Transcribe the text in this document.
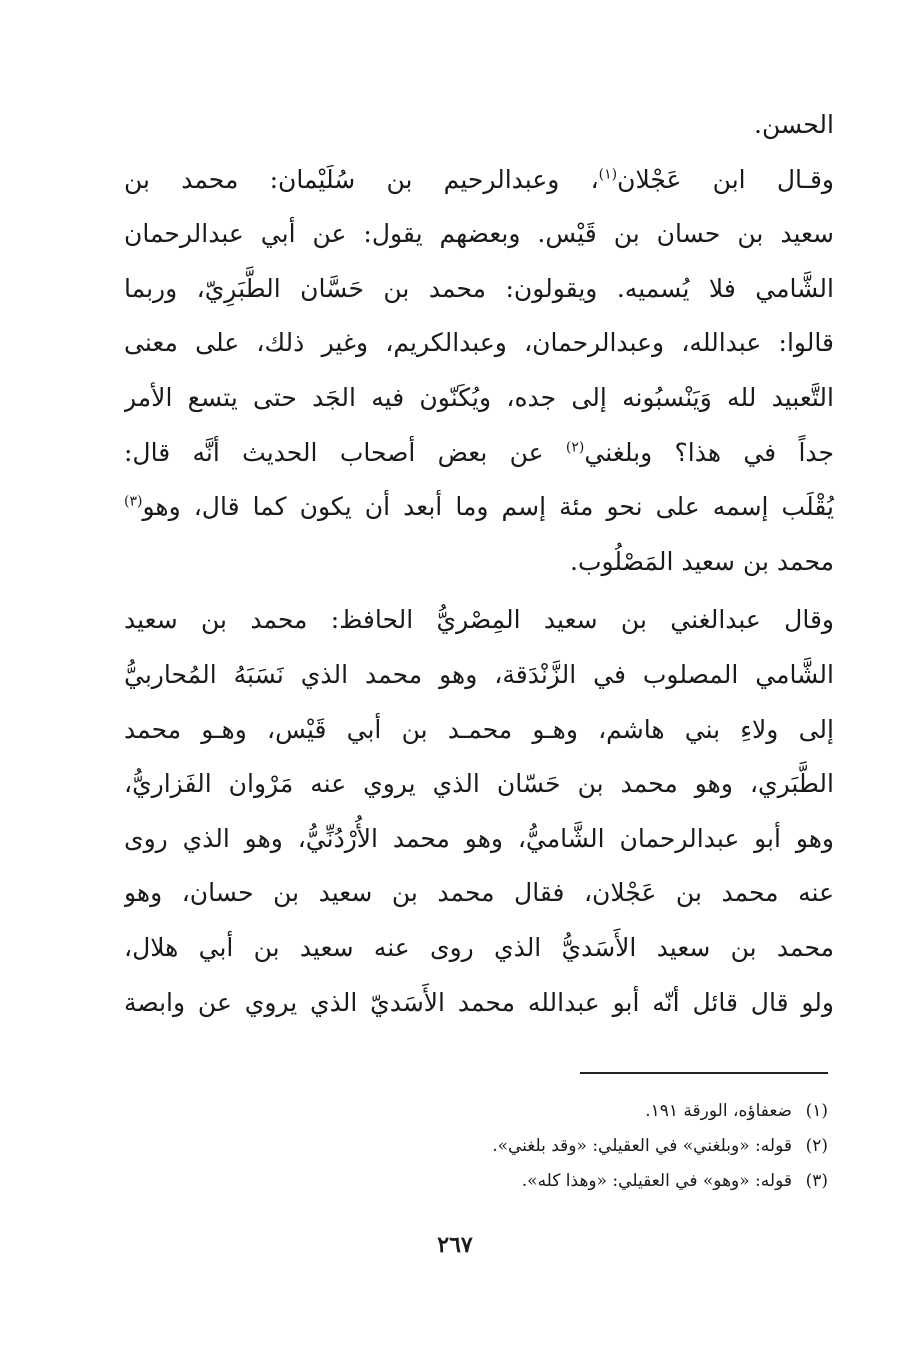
الحسن.
وقـال ابن عَجْلان$^{(١)}$، وعبدالرحيم بن سُلَيْمان: محمد بن
سعيد بن حسان بن قَيْس. وبعضهم يقول: عن أبي عبدالرحمان
الشَّامي فلا يُسميه. ويقولون: محمد بن حَسَّان الطَّبَرِيّ، وربما
قالوا: عبدالله، وعبدالرحمان، وعبدالكريم، وغير ذلك، على معنى
التَّعبيد لله وَيَنْسبُونه إلى جده، ويُكَنّون فيه الجَد حتى يتسع الأمر
جداً في هذا؟ وبلغني$^{(٢)}$ عن بعض أصحاب الحديث أنَّه قال:
يُقْلَب إسمه على نحو مئة إسم وما أبعد أن يكون كما قال، وهو$^{(٣)}$
محمد بن سعيد المَصْلُوب.
وقال عبدالغني بن سعيد المِصْريُّ الحافظ: محمد بن سعيد
الشَّامي المصلوب في الزَّنْدَقة، وهو محمد الذي نَسَبَهُ المُحاربيُّ
إلى ولاءِ بني هاشم، وهـو محمـد بن أبي قَيْس، وهـو محمد
الطَّبَري، وهو محمد بن حَسّان الذي يروي عنه مَرْوان الفَزاريُّ،
وهو أبو عبدالرحمان الشَّاميُّ، وهو محمد الأُرْدُنِّيُّ، وهو الذي روى
عنه محمد بن عَجْلان، فقال محمد بن سعيد بن حسان، وهو
محمد بن سعيد الأَسَديُّ الذي روى عنه سعيد بن أبي هلال،
ولو قال قائل أنّه أبو عبدالله محمد الأَسَديّ الذي يروي عن وابصة
(١)ضعفاؤه، الورقة ١٩١.
(٢)قوله: «وبلغني» في العقيلي: «وقد بلغني».
(٣)قوله: «وهو» في العقيلي: «وهذا كله».
٢٦٧
